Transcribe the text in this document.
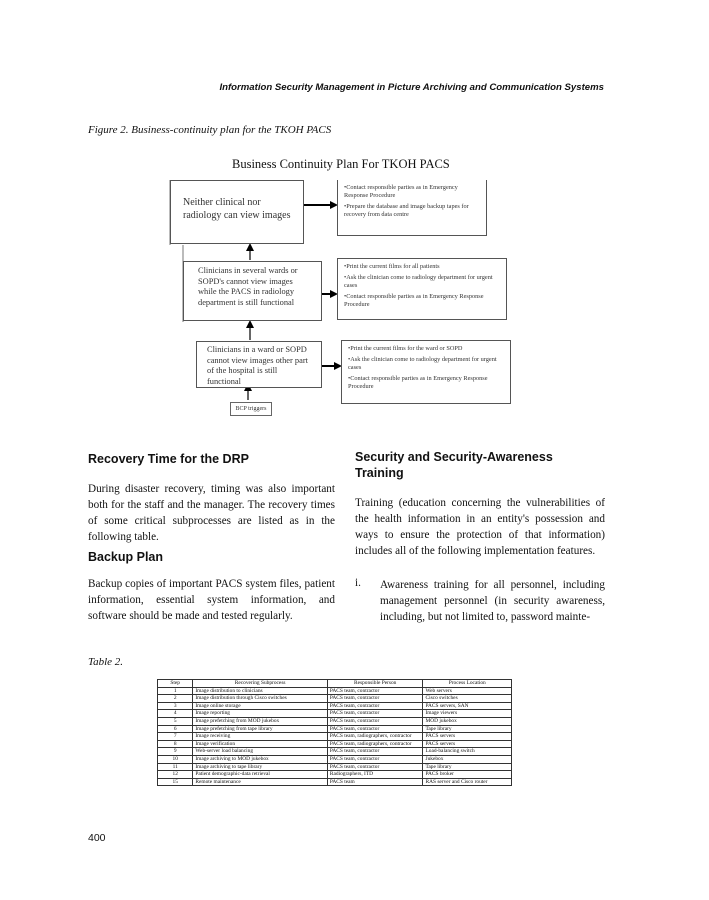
Information Security Management in Picture Archiving and Communication Systems
Figure 2. Business-continuity plan for the TKOH PACS
Business Continuity Plan For TKOH PACS
Neither clinical nor radiology can view images
Clinicians in several wards or SOPD's cannot view images while the PACS in radiology department is still functional
Clinicians in a ward or SOPD cannot view images other part of the hospital is still functional
•Contact responsible parties as in Emergency Response Procedure
•Prepare the database and image backup tapes for recovery from data centre
•Print the current films for all patients
•Ask the clinician come to radiology department for urgent cases
•Contact responsible parties as in Emergency Response Procedure
•Print the current films for the ward or SOPD
•Ask the clinician come to radiology department for urgent cases
•Contact responsible parties as in Emergency Response Procedure
BCP triggers
Recovery Time for the DRP
During disaster recovery, timing was also important both for the staff and the manager. The recovery times of some critical subprocesses are listed as in the following table.
Backup Plan
Backup copies of important PACS system files, patient information, essential system information, and software should be made and tested regularly.
Security and Security-Awareness Training
Training (education concerning the vulnerabilities of the health information in an entity's possession and ways to ensure the protection of that information) includes all of the following implementation features.
i. Awareness training for all personnel, including management personnel (in security awareness, including, but not limited to, password mainte-
Table 2.
Step	Recovering Subprocess	Responsible Person	Process Location
1	Image distribution to clinicians	PACS team, contractor	Web servers
2	Image distribution through Cisco switches	PACS team, contractor	Cisco switches
3	Image online storage	PACS team, contractor	PACS servers, SAN
4	Image reporting	PACS team, contractor	Image viewers
5	Image prefetching from MOD jukebox	PACS team, contractor	MOD jukebox
6	Image prefetching from tape library	PACS team, contractor	Tape library
7	Image receiving	PACS team, radiographers, contractor	PACS servers
8	Image verification	PACS team, radiographers, contractor	PACS servers
9	Web-server load balancing	PACS team, contractor	Load-balancing switch
10	Image archiving to MOD jukebox	PACS team, contractor	Jukebox
11	Image archiving to tape library	PACS team, contractor	Tape library
12	Patient demographic-data retrieval	Radiographers, ITD	PACS broker
15	Remote maintenance	PACS team	RAS server and Cisco router
400
